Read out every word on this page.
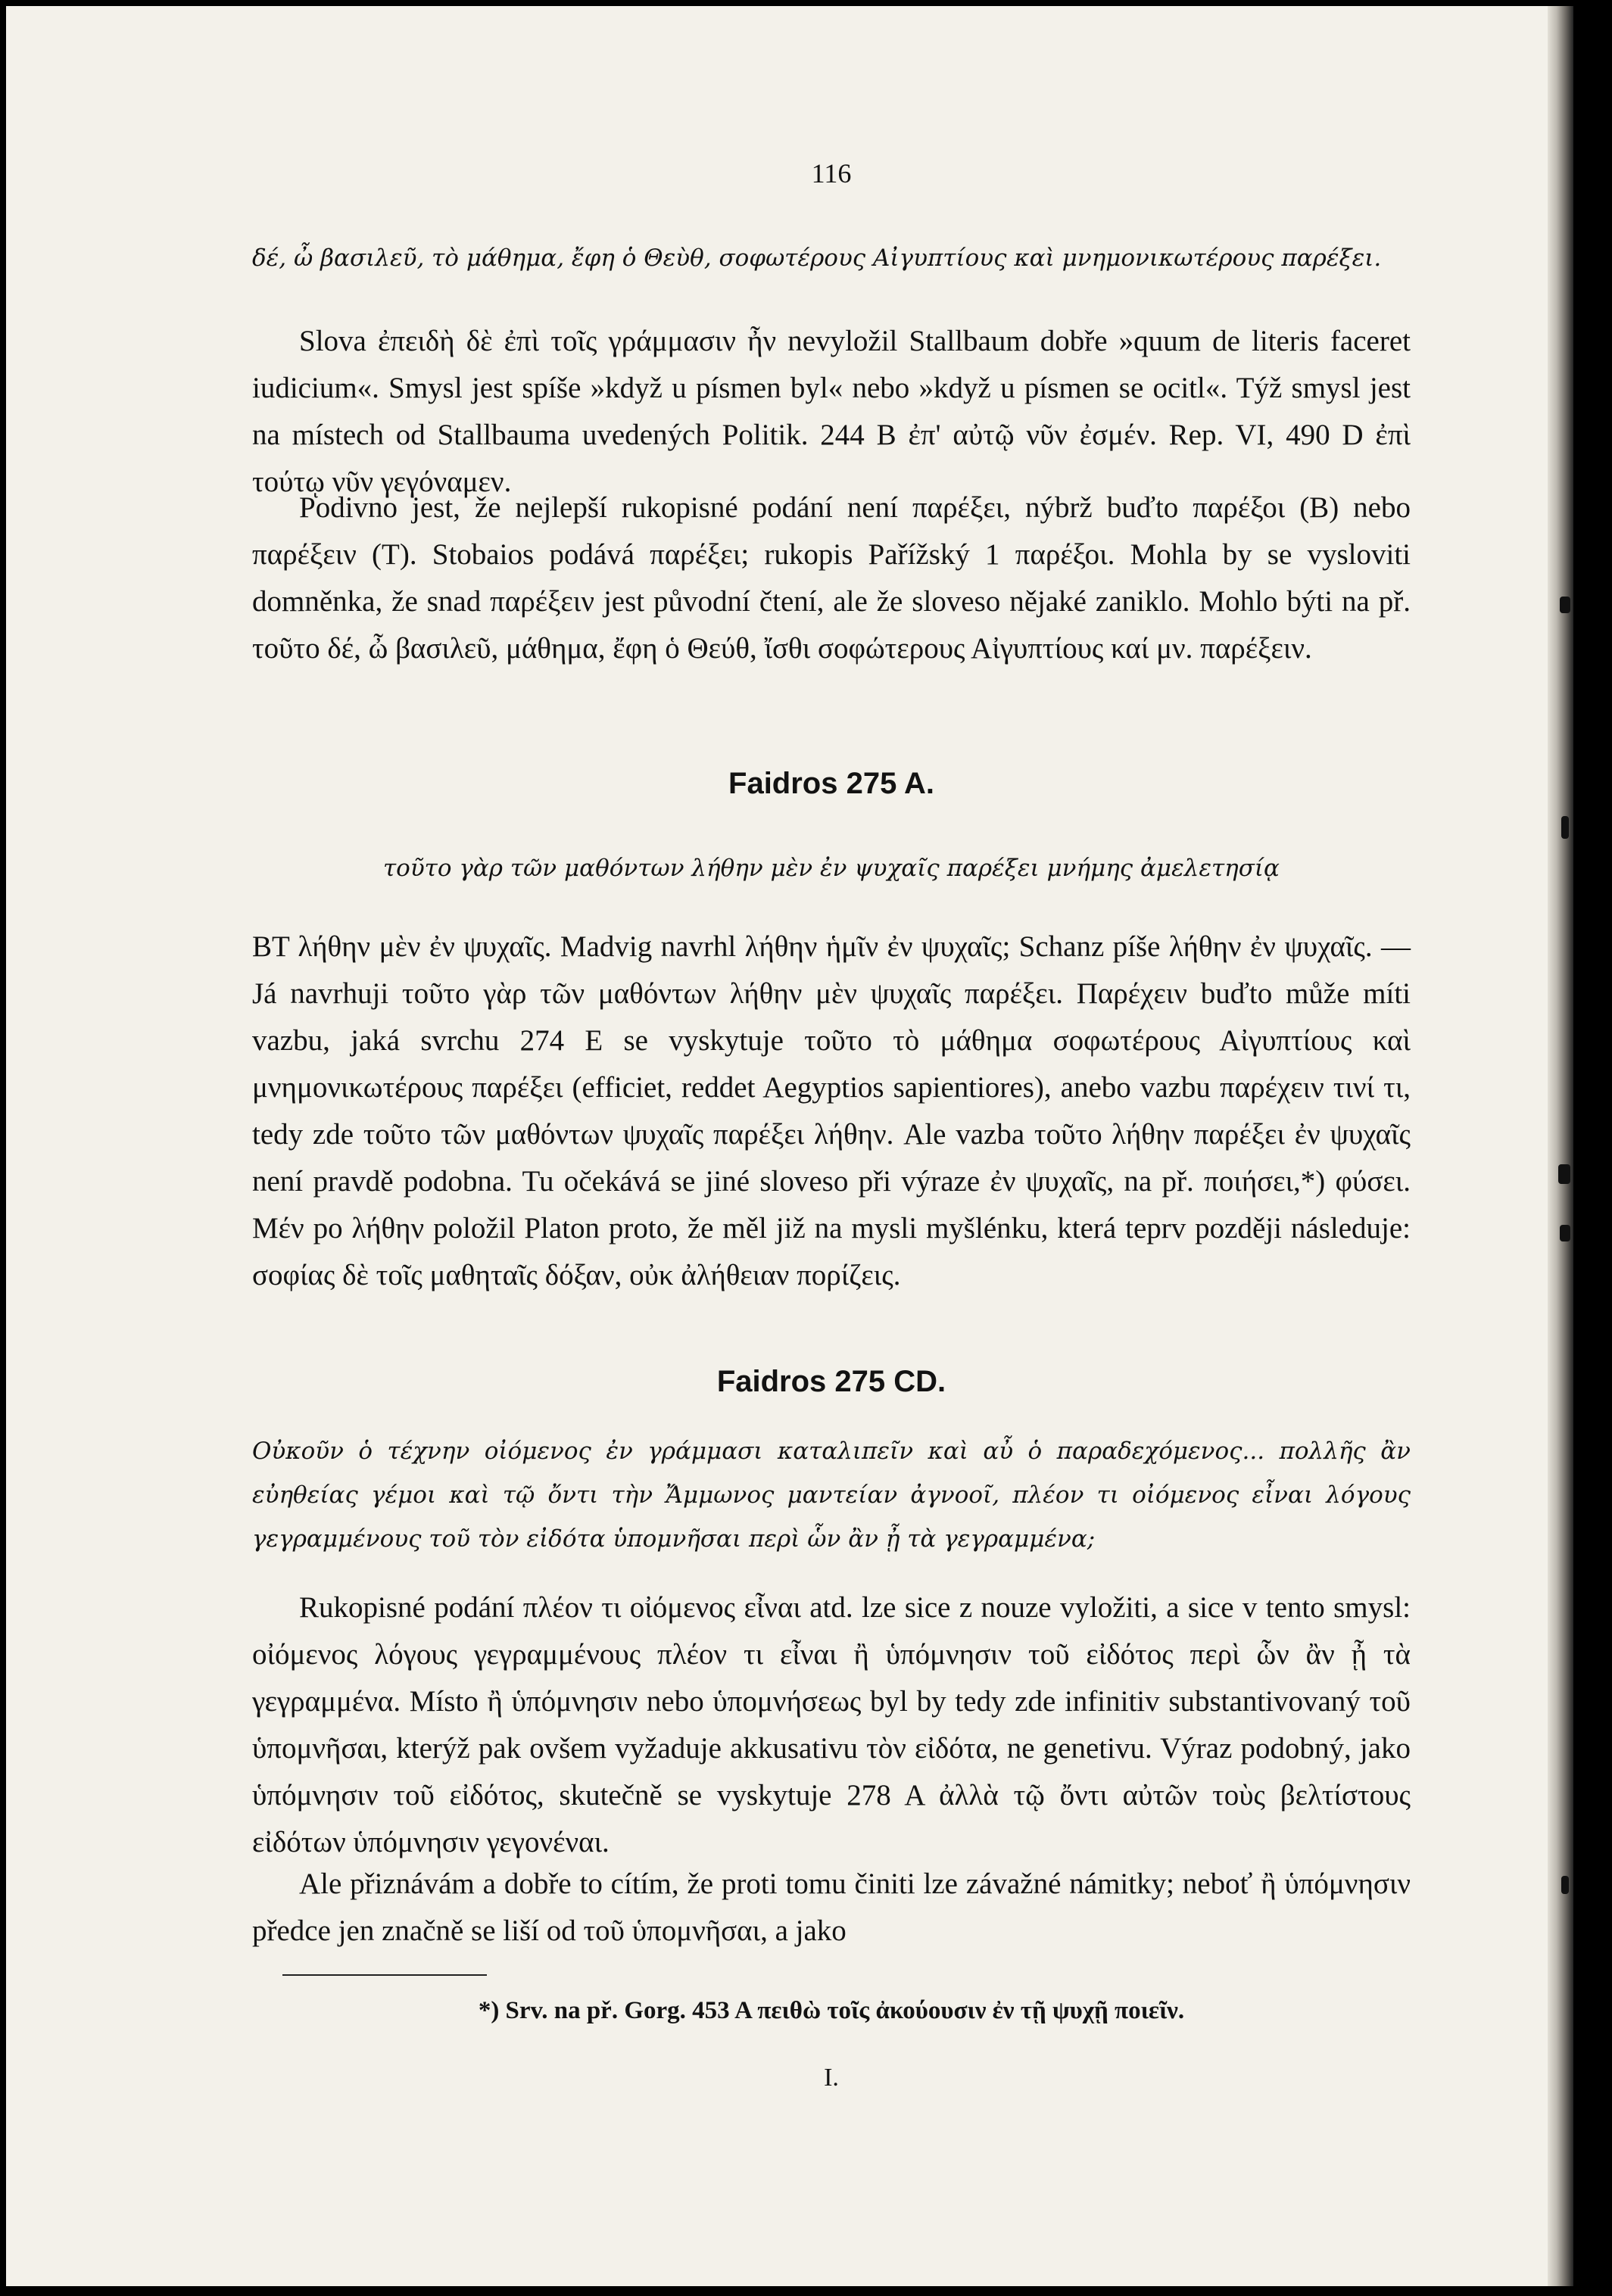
116

δέ, ὦ βασιλεῦ, τὸ μάθημα, ἔφη ὁ Θεὺθ, σοφωτέρους Αἰγυπτίους καὶ μνημονικωτέρους παρέξει.

Slova ἐπειδὴ δὲ ἐπὶ τοῖς γράμμασιν ἦν nevyložil Stallbaum dobře »quum de literis faceret iudicium«. Smysl jest spíše »když u písmen byl« nebo »když u písmen se ocitl«. Týž smysl jest na místech od Stallbauma uvedených Politik. 244 B ἐπ' αὐτῷ νῦν ἐσμέν. Rep. VI, 490 D ἐπὶ τούτῳ νῦν γεγόναμεν.

Podivno jest, že nejlepší rukopisné podání není παρέξει, nýbrž buďto παρέξοι (B) nebo παρέξειν (T). Stobaios podává παρέξει; rukopis Pařížský 1 παρέξοι. Mohla by se vysloviti domněnka, že snad παρέξειν jest původní čtení, ale že sloveso nějaké zaniklo. Mohlo býti na př. τοῦτο δέ, ὦ βασιλεῦ, μάθημα, ἔφη ὁ Θεύθ, ἴσθι σοφώτερους Αἰγυπτίους καί μν. παρέξειν.

Faidros 275 A.

τοῦτο γὰρ τῶν μαθόντων λήθην μὲν ἐν ψυχαῖς παρέξει μνήμης ἀμελετησίᾳ

BT λήθην μὲν ἐν ψυχαῖς. Madvig navrhl λήθην ἡμῖν ἐν ψυχαῖς; Schanz píše λήθην ἐν ψυχαῖς. — Já navrhuji τοῦτο γὰρ τῶν μαθόντων λήθην μὲν ψυχαῖς παρέξει. Παρέχειν buďto může míti vazbu, jaká svrchu 274 E se vyskytuje τοῦτο τὸ μάθημα σοφωτέρους Αἰγυπτίους καὶ μνημονικωτέρους παρέξει (efficiet, reddet Aegyptios sapientiores), anebo vazbu παρέχειν τινί τι, tedy zde τοῦτο τῶν μαθόντων ψυχαῖς παρέξει λήθην. Ale vazba τοῦτο λήθην παρέξει ἐν ψυχαῖς není pravdě podobna. Tu očekává se jiné sloveso při výraze ἐν ψυχαῖς, na př. ποιήσει,*) φύσει. Μέν po λήθην položil Platon proto, že měl již na mysli myšlénku, která teprv později následuje: σοφίας δὲ τοῖς μαθηταῖς δόξαν, οὐκ ἀλήθειαν πορίζεις.

Faidros 275 CD.

Οὐκοῦν ὁ τέχνην οἰόμενος ἐν γράμμασι καταλιπεῖν καὶ αὖ ὁ παραδεχόμενος... πολλῆς ἂν εὐηθείας γέμοι καὶ τῷ ὄντι τὴν Ἄμμωνος μαντείαν ἀγνοοῖ, πλέον τι οἰόμενος εἶναι λόγους γεγραμμένους τοῦ τὸν εἰδότα ὑπομνῆσαι περὶ ὧν ἂν ᾖ τὰ γεγραμμένα;

Rukopisné podání πλέον τι οἰόμενος εἶναι atd. lze sice z nouze vyložiti, a sice v tento smysl: οἰόμενος λόγους γεγραμμένους πλέον τι εἶναι ἢ ὑπόμνησιν τοῦ εἰδότος περὶ ὧν ἂν ᾖ τὰ γεγραμμένα. Místo ἢ ὑπόμνησιν nebo ὑπομνήσεως byl by tedy zde infinitiv substantivovaný τοῦ ὑπομνῆσαι, kterýž pak ovšem vyžaduje akkusativu τὸν εἰδότα, ne genetivu. Výraz podobný, jako ὑπόμνησιν τοῦ εἰδότος, skutečně se vyskytuje 278 A ἀλλὰ τῷ ὄντι αὐτῶν τοὺς βελτίστους εἰδότων ὑπόμνησιν γεγονέναι.

Ale přiznávám a dobře to cítím, že proti tomu činiti lze závažné námitky; neboť ἢ ὑπόμνησιν předce jen značně se liší od τοῦ ὑπομνῆσαι, a jako

*) Srv. na př. Gorg. 453 A πειθὼ τοῖς ἀκούουσιν ἐν τῇ ψυχῇ ποιεῖν.
I.
